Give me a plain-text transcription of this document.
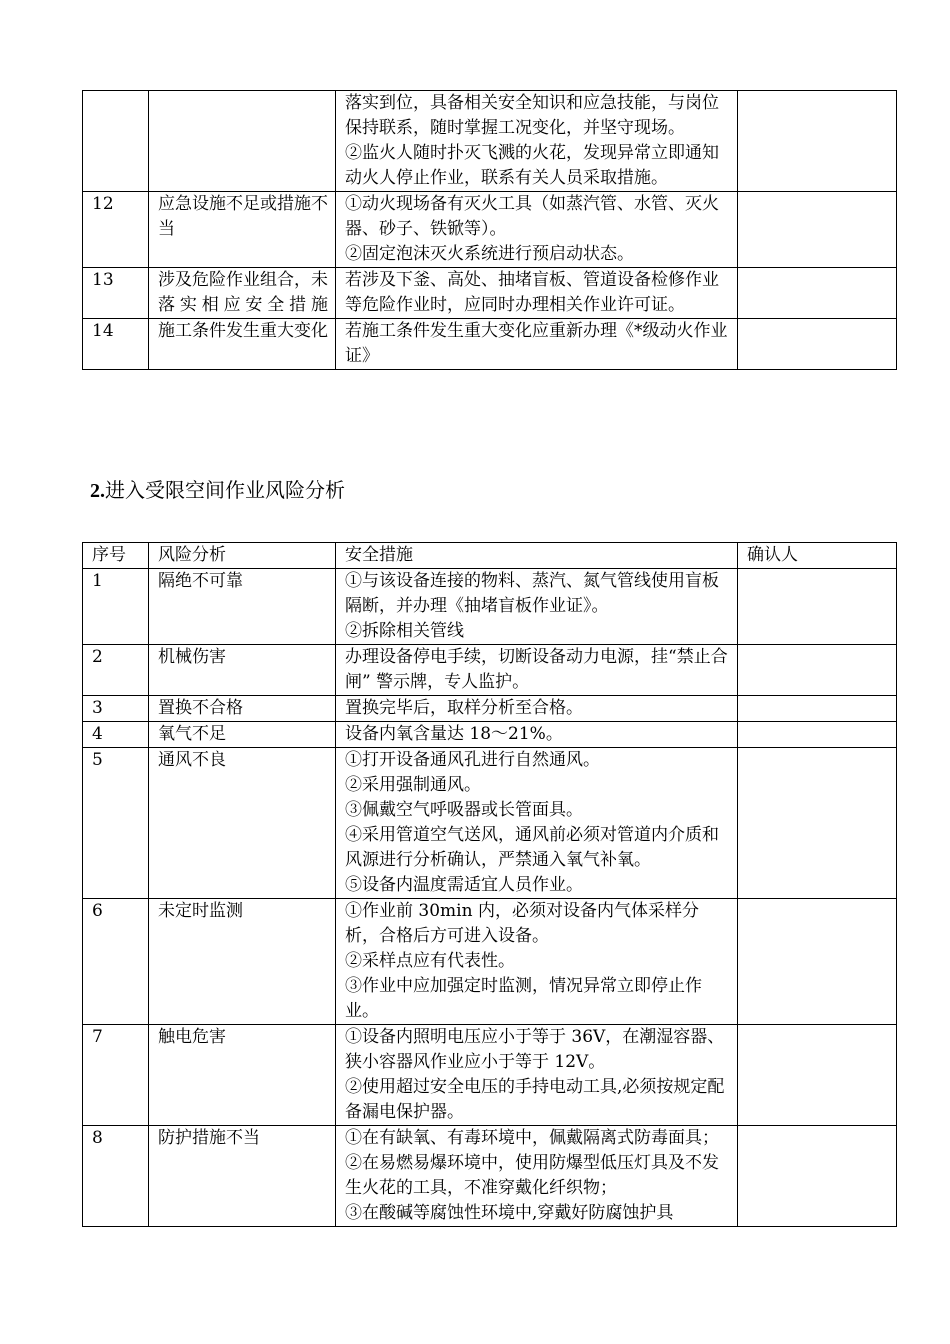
		落实到位，具备相关安全知识和应急技能，与岗位保持联系，随时掌握工况变化，并坚守现场。
②监火人随时扑灭飞溅的火花，发现异常立即通知动火人停止作业，联系有关人员采取措施。	
12	应急设施不足或措施不当	①动火现场备有灭火工具（如蒸汽管、水管、灭火器、砂子、铁锨等）。
②固定泡沫灭火系统进行预启动状态。	
13	涉及危险作业组合，未落实相应安全措施	若涉及下釜、高处、抽堵盲板、管道设备检修作业等危险作业时，应同时办理相关作业许可证。	
14	施工条件发生重大变化	若施工条件发生重大变化应重新办理《*级动火作业证》	
2.进入受限空间作业风险分析
序号	风险分析	安全措施	确认人
1	隔绝不可靠	①与该设备连接的物料、蒸汽、氮气管线使用盲板隔断，并办理《抽堵盲板作业证》。
②拆除相关管线	
2	机械伤害	办理设备停电手续，切断设备动力电源，挂“禁止合闸” 警示牌，专人监护。	
3	置换不合格	置换完毕后，取样分析至合格。	
4	氧气不足	设备内氧含量达 18～21%。	
5	通风不良	①打开设备通风孔进行自然通风。
②采用强制通风。
③佩戴空气呼吸器或长管面具。
④采用管道空气送风，通风前必须对管道内介质和风源进行分析确认，严禁通入氧气补氧。
⑤设备内温度需适宜人员作业。	
6	未定时监测	①作业前 30min 内，必须对设备内气体采样分析，合格后方可进入设备。
②采样点应有代表性。
③作业中应加强定时监测，情况异常立即停止作业。	
7	触电危害	①设备内照明电压应小于等于 36V，在潮湿容器、狭小容器风作业应小于等于 12V。
②使用超过安全电压的手持电动工具,必须按规定配备漏电保护器。	
8	防护措施不当	①在有缺氧、有毒环境中，佩戴隔离式防毒面具；
②在易燃易爆环境中，使用防爆型低压灯具及不发生火花的工具，不准穿戴化纤织物；
③在酸碱等腐蚀性环境中,穿戴好防腐蚀护具	
